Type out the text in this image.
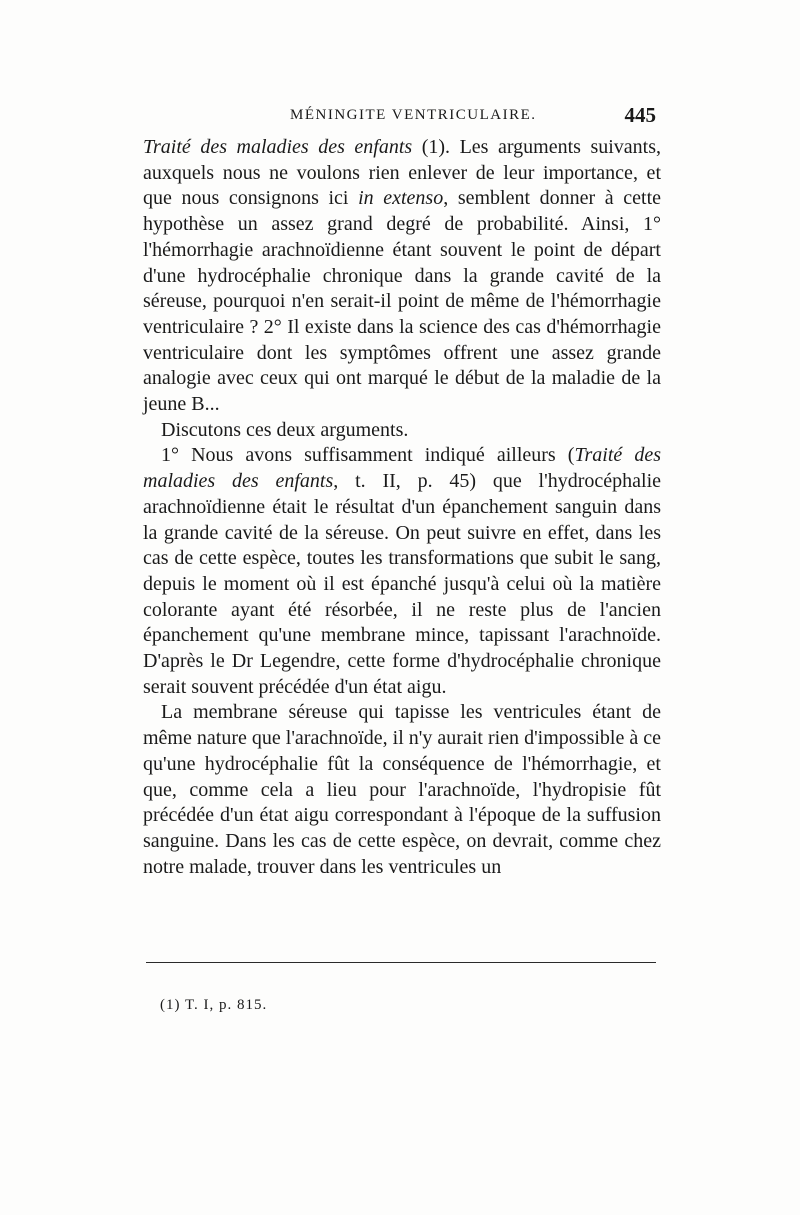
MÉNINGITE VENTRICULAIRE.	445

Traité des maladies des enfants (1). Les arguments suivants, auxquels nous ne voulons rien enlever de leur importance, et que nous consignons ici in extenso, semblent donner à cette hypothèse un assez grand degré de probabilité. Ainsi, 1° l'hémorrhagie arachnoïdienne étant souvent le point de départ d'une hydrocéphalie chronique dans la grande cavité de la séreuse, pourquoi n'en serait-il point de même de l'hémorrhagie ventriculaire ? 2° Il existe dans la science des cas d'hémorrhagie ventriculaire dont les symptômes offrent une assez grande analogie avec ceux qui ont marqué le début de la maladie de la jeune B...

Discutons ces deux arguments.

1° Nous avons suffisamment indiqué ailleurs (Traité des maladies des enfants, t. II, p. 45) que l'hydrocéphalie arachnoïdienne était le résultat d'un épanchement sanguin dans la grande cavité de la séreuse. On peut suivre en effet, dans les cas de cette espèce, toutes les transformations que subit le sang, depuis le moment où il est épanché jusqu'à celui où la matière colorante ayant été résorbée, il ne reste plus de l'ancien épanchement qu'une membrane mince, tapissant l'arachnoïde. D'après le Dr Legendre, cette forme d'hydrocéphalie chronique serait souvent précédée d'un état aigu.

La membrane séreuse qui tapisse les ventricules étant de même nature que l'arachnoïde, il n'y aurait rien d'impossible à ce qu'une hydrocéphalie fût la conséquence de l'hémorrhagie, et que, comme cela a lieu pour l'arachnoïde, l'hydropisie fût précédée d'un état aigu correspondant à l'époque de la suffusion sanguine. Dans les cas de cette espèce, on devrait, comme chez notre malade, trouver dans les ventricules un

(1) T. I, p. 815.
